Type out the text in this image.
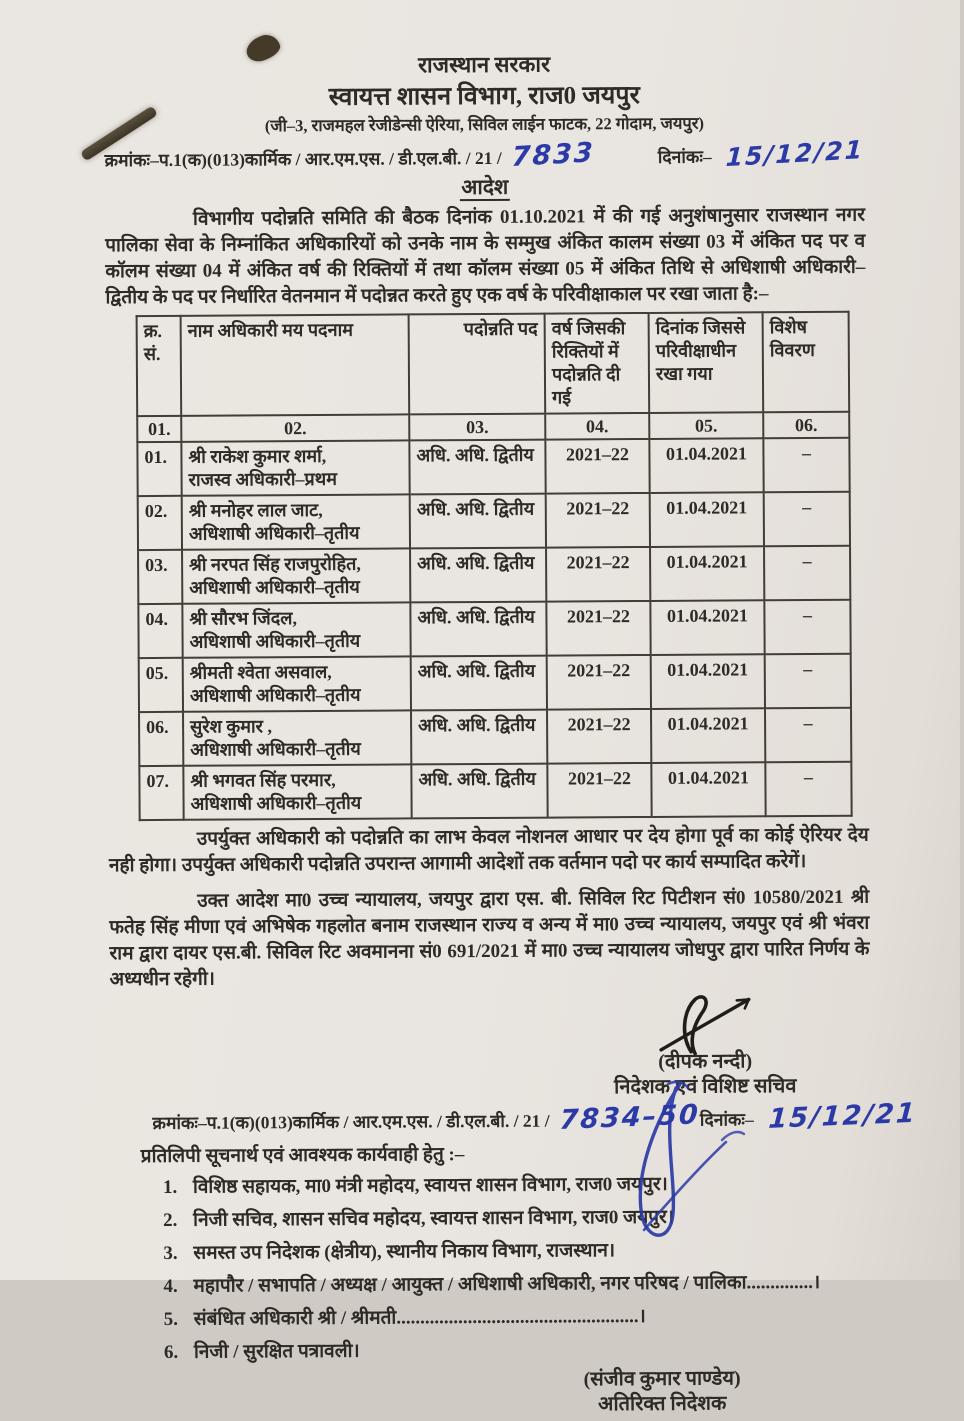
राजस्थान सरकार
स्वायत्त शासन विभाग, राज0 जयपुर
(जी–3, राजमहल रेजीडेन्सी ऐरिया, सिविल लाईन फाटक, 22 गोदाम, जयपुर)
क्रमांकः–प.1(क)(013)कार्मिक / आर.एम.एस. / डी.एल.बी. / 21 / 7833	दिनांकः– 15/12/21
आदेश

विभागीय पदोन्नति समिति की बैठक दिनांक 01.10.2021 में की गई अनुशंषानुसार राजस्थान नगर पालिका सेवा के निम्नांकित अधिकारियों को उनके नाम के सम्मुख अंकित कालम संख्या 03 में अंकित पद पर व कॉलम संख्या 04 में अंकित वर्ष की रिक्तियों में तथा कॉलम संख्या 05 में अंकित तिथि से अधिशाषी अधिकारी–द्वितीय के पद पर निर्धारित वेतनमान में पदोन्नत करते हुए एक वर्ष के परिवीक्षाकाल पर रखा जाता है:–

क्र. सं.	नाम अधिकारी मय पदनाम	पदोन्नति पद	वर्ष जिसकी रिक्तियों में पदोन्नति दी गई	दिनांक जिससे परिवीक्षाधीन रखा गया	विशेष विवरण
01.	02.	03.	04.	05.	06.
01.	श्री राकेश कुमार शर्मा,
राजस्व अधिकारी–प्रथम	अधि. अधि. द्वितीय	2021–22	01.04.2021	–
02.	श्री मनोहर लाल जाट,
अधिशाषी अधिकारी–तृतीय	अधि. अधि. द्वितीय	2021–22	01.04.2021	–
03.	श्री नरपत सिंह राजपुरोहित,
अधिशाषी अधिकारी–तृतीय	अधि. अधि. द्वितीय	2021–22	01.04.2021	–
04.	श्री सौरभ जिंदल,
अधिशाषी अधिकारी–तृतीय	अधि. अधि. द्वितीय	2021–22	01.04.2021	–
05.	श्रीमती श्वेता असवाल,
अधिशाषी अधिकारी–तृतीय	अधि. अधि. द्वितीय	2021–22	01.04.2021	–
06.	सुरेश कुमार ,
अधिशाषी अधिकारी–तृतीय	अधि. अधि. द्वितीय	2021–22	01.04.2021	–
07.	श्री भगवत सिंह परमार,
अधिशाषी अधिकारी–तृतीय	अधि. अधि. द्वितीय	2021–22	01.04.2021	–

उपर्युक्त अधिकारी को पदोन्नति का लाभ केवल नोशनल आधार पर देय होगा पूर्व का कोई ऐरियर देय नही होगा। उपर्युक्त अधिकारी पदोन्नति उपरान्त आगामी आदेशों तक वर्तमान पदो पर कार्य सम्पादित करेगें।

उक्त आदेश मा0 उच्च न्यायालय, जयपुर द्वारा एस. बी. सिविल रिट पिटीशन सं0 10580/2021 श्री फतेह सिंह मीणा एवं अभिषेक गहलोत बनाम राजस्थान राज्य व अन्य में मा0 उच्च न्यायालय, जयपुर एवं श्री भंवरा राम द्वारा दायर एस.बी. सिविल रिट अवमानना सं0 691/2021 में मा0 उच्च न्यायालय जोधपुर द्वारा पारित निर्णय के अध्यधीन रहेगी।

(दीपक नन्दी)
निदेशक एवं विशिष्ट सचिव
क्रमांकः–प.1(क)(013)कार्मिक / आर.एम.एस. / डी.एल.बी. / 21 / 7834–50 दिनांकः– 15/12/21
प्रतिलिपी सूचनार्थ एवं आवश्यक कार्यवाही हेतु :–
1. विशिष्ठ सहायक, मा0 मंत्री महोदय, स्वायत्त शासन विभाग, राज0 जयपुर।
2. निजी सचिव, शासन सचिव महोदय, स्वायत्त शासन विभाग, राज0 जयपुर।
3. समस्त उप निदेशक (क्षेत्रीय), स्थानीय निकाय विभाग, राजस्थान।
4. महापौर / सभापति / अध्यक्ष / आयुक्त / अधिशाषी अधिकारी, नगर परिषद / पालिका..............।
5. संबंधित अधिकारी श्री / श्रीमती...................................................।
6. निजी / सुरक्षित पत्रावली।
(संजीव कुमार पाण्डेय)
अतिरिक्त निदेशक
